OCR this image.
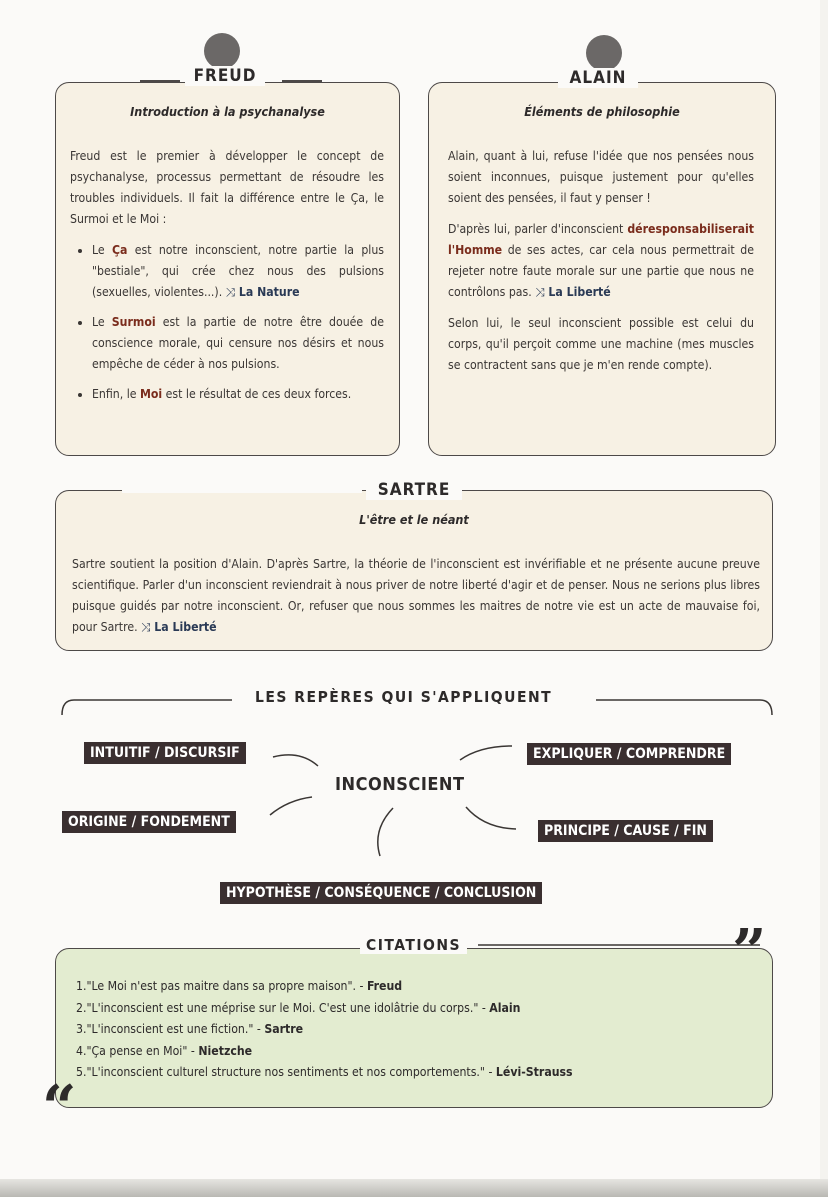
FREUD
Introduction à la psychanalyse

Freud est le premier à développer le concept de psychanalyse, processus permettant de résoudre les troubles individuels. Il fait la différence entre le Ça, le Surmoi et le Moi :

• Le Ça est notre inconscient, notre partie la plus "bestiale", qui crée chez nous des pulsions (sexuelles, violentes...). ⤨ La Nature
• Le Surmoi est la partie de notre être douée de conscience morale, qui censure nos désirs et nous empêche de céder à nos pulsions.
• Enfin, le Moi est le résultat de ces deux forces.
ALAIN
Éléments de philosophie

Alain, quant à lui, refuse l'idée que nos pensées nous soient inconnues, puisque justement pour qu'elles soient des pensées, il faut y penser !

D'après lui, parler d'inconscient déresponsabiliserait l'Homme de ses actes, car cela nous permettrait de rejeter notre faute morale sur une partie que nous ne contrôlons pas. ⤨ La Liberté

Selon lui, le seul inconscient possible est celui du corps, qu'il perçoit comme une machine (mes muscles se contractent sans que je m'en rende compte).

SARTRE
L'être et le néant

Sartre soutient la position d'Alain. D'après Sartre, la théorie de l'inconscient est invérifiable et ne présente aucune preuve scientifique. Parler d'un inconscient reviendrait à nous priver de notre liberté d'agir et de penser. Nous ne serions plus libres puisque guidés par notre inconscient. Or, refuser que nous sommes les maitres de notre vie est un acte de mauvaise foi, pour Sartre. ⤨ La Liberté

LES REPÈRES QUI S'APPLIQUENT
INTUITIF / DISCURSIF	EXPLIQUER / COMPRENDRE
INCONSCIENT
ORIGINE / FONDEMENT
PRINCIPE / CAUSE / FIN
HYPOTHÈSE / CONSÉQUENCE / CONCLUSION
CITATIONS	”
“
1."Le Moi n'est pas maitre dans sa propre maison". - Freud
2."L'inconscient est une méprise sur le Moi. C'est une idolâtrie du corps." - Alain
3."L'inconscient est une fiction." - Sartre
4."Ça pense en Moi" - Nietzche
5."L'inconscient culturel structure nos sentiments et nos comportements." - Lévi-Strauss
